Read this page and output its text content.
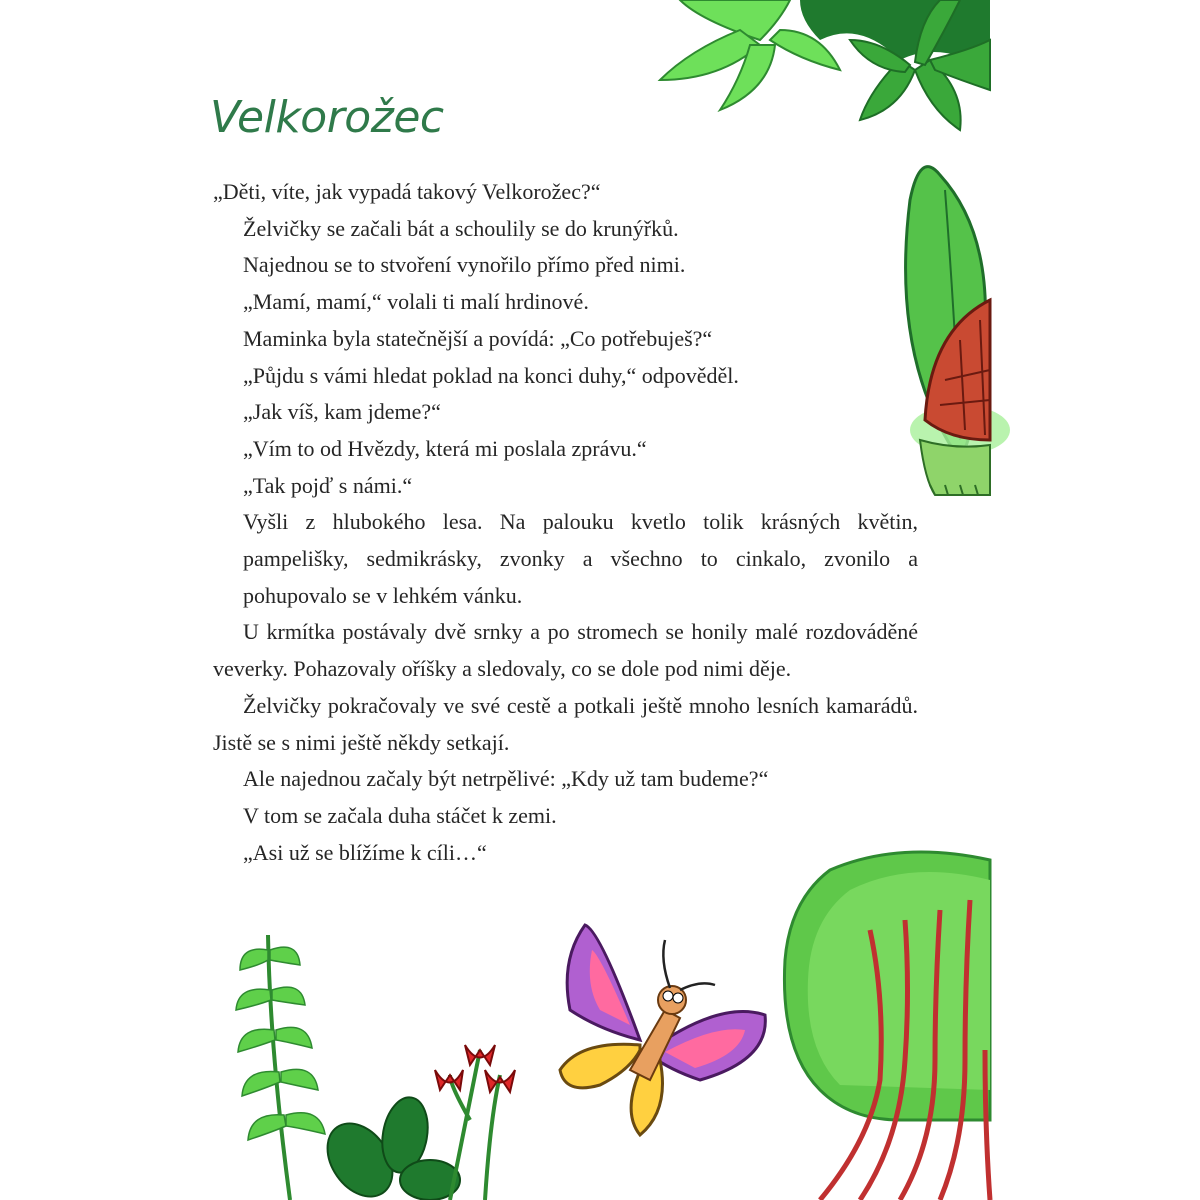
Velkorožec

„Děti, víte, jak vypadá takový Velkorožec?“

Želvičky se začali bát a schoulily se do krunýřků.

Najednou se to stvoření vynořilo přímo před nimi.

„Mamí, mamí,“ volali ti malí hrdinové.

Maminka byla statečnější a povídá: „Co potřebuješ?“

„Půjdu s vámi hledat poklad na konci duhy,“ odpověděl.

„Jak víš, kam jdeme?“

„Vím to od Hvězdy, která mi poslala zprávu.“

„Tak pojď s námi.“

Vyšli z hlubokého lesa. Na palouku kvetlo tolik krásných květin, pampelišky, sedmikrásky, zvonky a všechno to cinkalo, zvonilo a pohupovalo se v lehkém vánku.

U krmítka postávaly dvě srnky a po stromech se honily malé rozdováděné veverky. Pohazovaly oříšky a sledovaly, co se dole pod nimi děje.

Želvičky pokračovaly ve své cestě a potkali ještě mnoho lesních kamarádů. Jistě se s nimi ještě někdy setkají.

Ale najednou začaly být netrpělivé: „Kdy už tam budeme?“

V tom se začala duha stáčet k zemi.

„Asi už se blížíme k cíli…“
